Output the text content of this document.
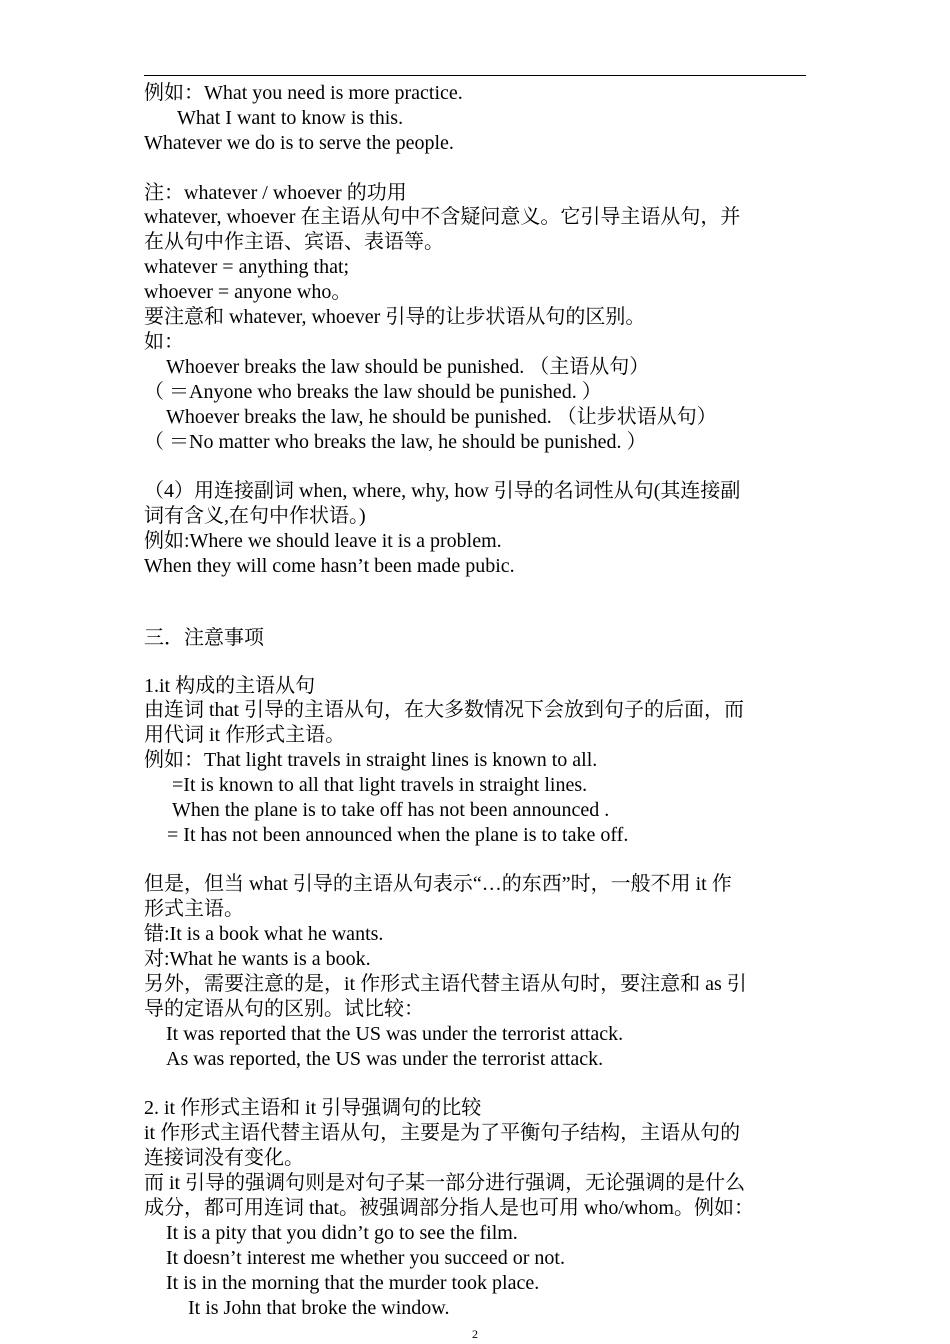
例如：What you need is more practice.
What I want to know is this.
Whatever we do is to serve the people.
注：whatever / whoever 的功用
whatever, whoever 在主语从句中不含疑问意义。它引导主语从句，并
在从句中作主语、宾语、表语等。
whatever = anything that;
whoever = anyone who。
要注意和 whatever, whoever 引导的让步状语从句的区别。
如：
Whoever breaks the law should be punished. （主语从句）
（ ＝Anyone who breaks the law should be punished. ）
Whoever breaks the law, he should be punished. （让步状语从句）
（ ＝No matter who breaks the law, he should be punished. ）
（4）用连接副词 when, where, why, how 引导的名词性从句(其连接副
词有含义,在句中作状语。)
例如:Where we should leave it is a problem.
When they will come hasn’t been made pubic.
三．注意事项
1.it 构成的主语从句
由连词 that 引导的主语从句，在大多数情况下会放到句子的后面，而
用代词 it 作形式主语。
例如：That light travels in straight lines is known to all.
=It is known to all that light travels in straight lines.
When the plane is to take off has not been announced .
= It has not been announced when the plane is to take off.
但是，但当 what 引导的主语从句表示“…的东西”时，一般不用 it 作
形式主语。
错:It is a book what he wants.
对:What he wants is a book.
另外，需要注意的是，it 作形式主语代替主语从句时，要注意和 as 引
导的定语从句的区别。试比较：
It was reported that the US was under the terrorist attack.
As was reported, the US was under the terrorist attack.
2. it 作形式主语和 it 引导强调句的比较
it 作形式主语代替主语从句，主要是为了平衡句子结构，主语从句的
连接词没有变化。
而 it 引导的强调句则是对句子某一部分进行强调，无论强调的是什么
成分，都可用连词 that。被强调部分指人是也可用 who/whom。例如：
It is a pity that you didn’t go to see the film.
It doesn’t interest me whether you succeed or not.
It is in the morning that the murder took place.
It is John that broke the window.
2
